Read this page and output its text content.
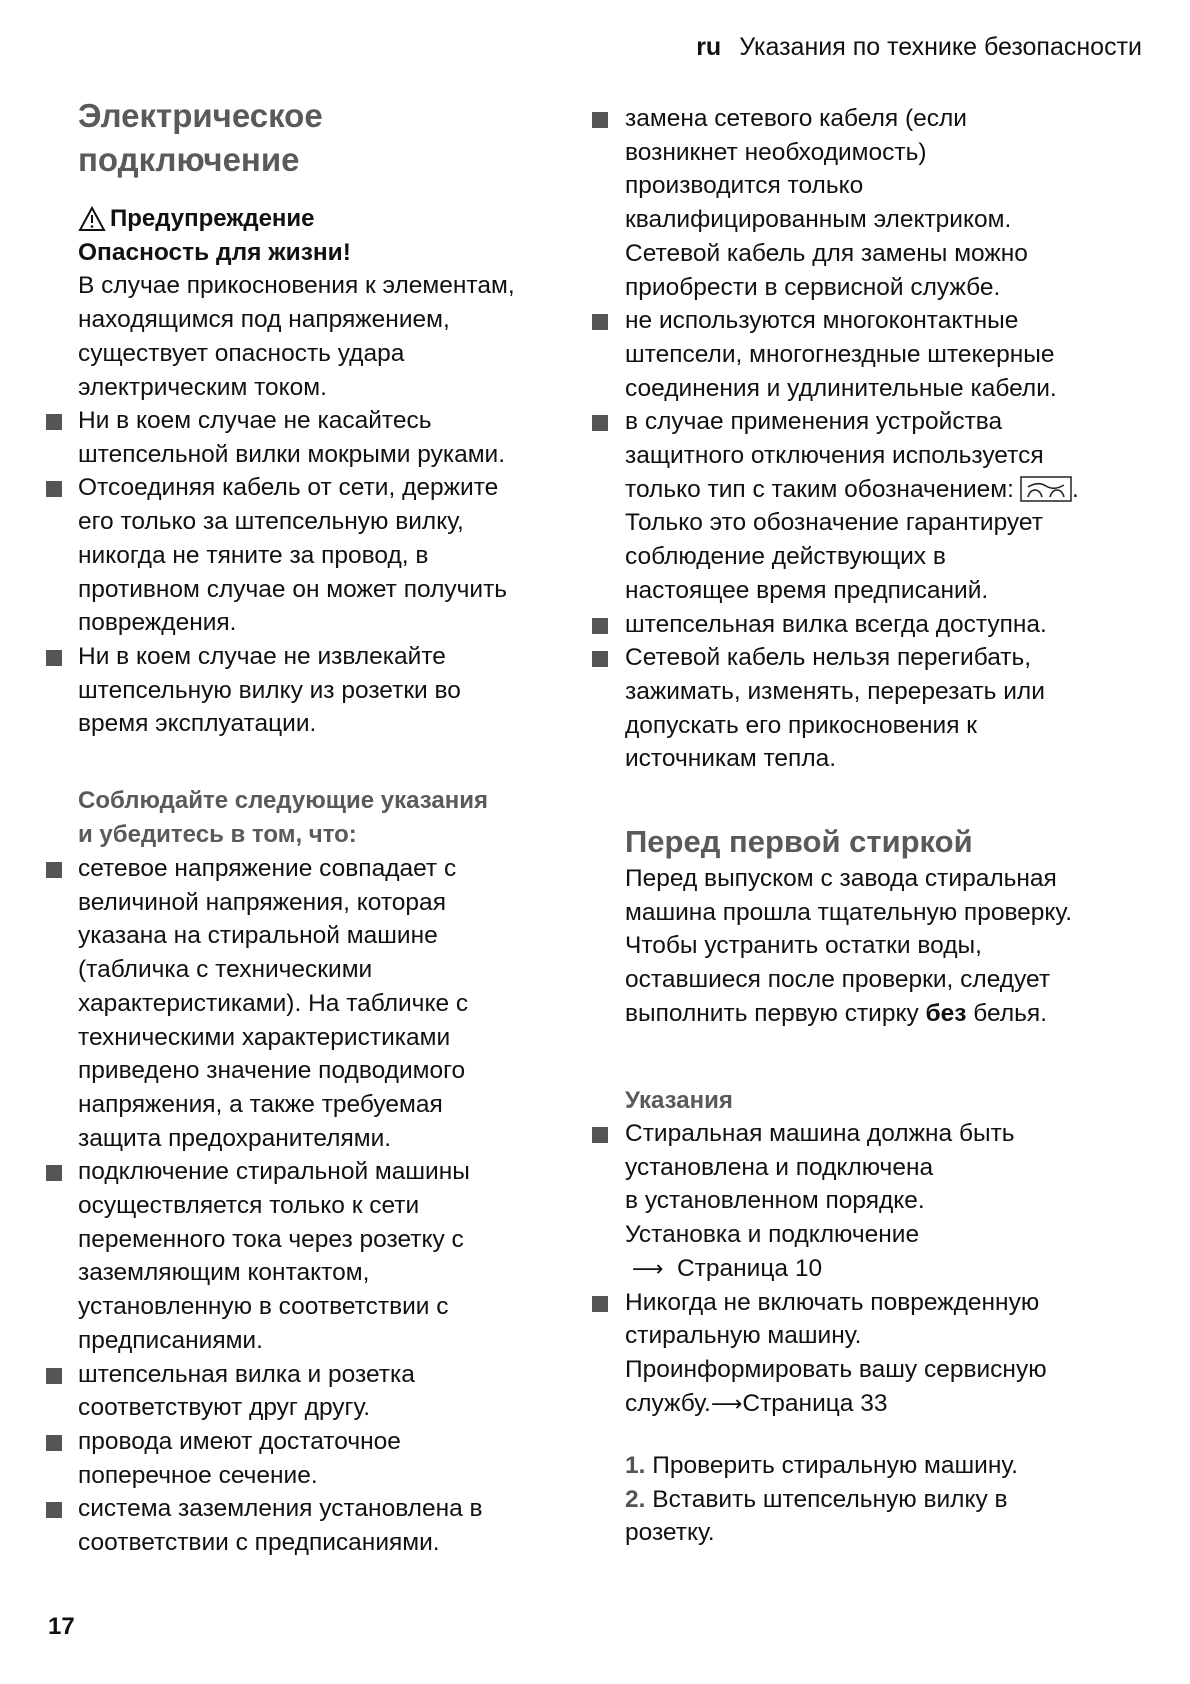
ru Указания по технике безопасности
Электрическое
подключение
Предупреждение
Опасность для жизни!
В случае прикосновения к элементам,
находящимся под напряжением,
существует опасность удара
электрическим током.
Ни в коем случае не касайтесь
штепсельной вилки мокрыми руками.
Отсоединяя кабель от сети, держите
его только за штепсельную вилку,
никогда не тяните за провод, в
противном случае он может получить
повреждения.
Ни в коем случае не извлекайте
штепсельную вилку из розетки во
время эксплуатации.
Соблюдайте следующие указания
и убедитесь в том, что:
сетевое напряжение совпадает с
величиной напряжения, которая
указана на стиральной машине
(табличка с техническими
характеристиками). На табличке с
техническими характеристиками
приведено значение подводимого
напряжения, а также требуемая
защита предохранителями.
подключение стиральной машины
осуществляется только к сети
переменного тока через розетку с
заземляющим контактом,
установленную в соответствии с
предписаниями.
штепсельная вилка и розетка
соответствуют друг другу.
провода имеют достаточное
поперечное сечение.
система заземления установлена в
соответствии с предписаниями.
замена сетевого кабеля (если
возникнет необходимость)
производится только
квалифицированным электриком.
Сетевой кабель для замены можно
приобрести в сервисной службе.
не используются многоконтактные
штепсели, многогнездные штекерные
соединения и удлинительные кабели.
в случае применения устройства
защитного отключения используется
только тип с таким обозначением: .
Только это обозначение гарантирует
соблюдение действующих в
настоящее время предписаний.
штепсельная вилка всегда доступна.
Сетевой кабель нельзя перегибать,
зажимать, изменять, перерезать или
допускать его прикосновения к
источникам тепла.
Перед первой стиркой
Перед выпуском с завода стиральная
машина прошла тщательную проверку.
Чтобы устранить остатки воды,
оставшиеся после проверки, следует
выполнить первую стирку без белья.
Указания
Стиральная машина должна быть
установлена и подключена
в установленном порядке.
Установка и подключение
⟶ Страница 10
Никогда не включать поврежденную
стиральную машину.
Проинформировать вашу сервисную
службу.⟶Страница 33
1. Проверить стиральную машину.
2. Вставить штепсельную вилку в
розетку.
17
